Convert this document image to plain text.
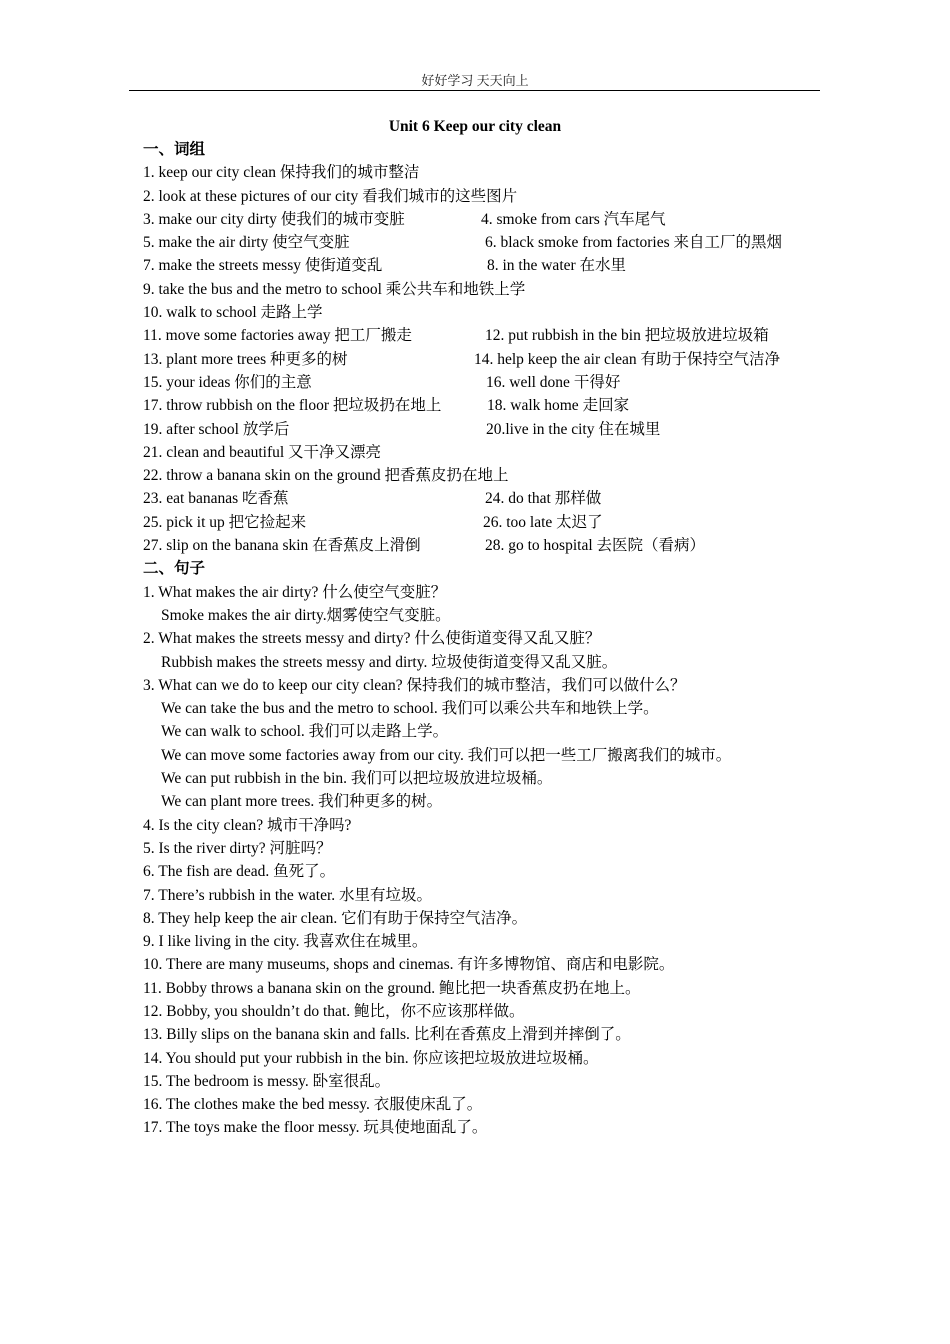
好好学习 天天向上
Unit 6 Keep our city clean
一、词组
1. keep our city clean 保持我们的城市整洁
2. look at these pictures of our city 看我们城市的这些图片
3. make our city dirty 使我们的城市变脏	4. smoke from cars 汽车尾气
5. make the air dirty 使空气变脏	6. black smoke from factories 来自工厂的黑烟
7. make the streets messy 使街道变乱	8. in the water 在水里
9. take the bus and the metro to school 乘公共车和地铁上学
10. walk to school 走路上学
11. move some factories away 把工厂搬走	12. put rubbish in the bin 把垃圾放进垃圾箱
13. plant more trees 种更多的树	14. help keep the air clean 有助于保持空气洁净
15. your ideas 你们的主意	16. well done 干得好
17. throw rubbish on the floor 把垃圾扔在地上	18. walk home 走回家
19. after school 放学后	20.live in the city 住在城里
21. clean and beautiful 又干净又漂亮
22. throw a banana skin on the ground 把香蕉皮扔在地上
23. eat bananas 吃香蕉	24. do that 那样做
25. pick it up 把它捡起来	26. too late 太迟了
27. slip on the banana skin 在香蕉皮上滑倒	28. go to hospital 去医院（看病）
二、句子
1. What makes the air dirty? 什么使空气变脏？
Smoke makes the air dirty.烟雾使空气变脏。
2. What makes the streets messy and dirty? 什么使街道变得又乱又脏？
Rubbish makes the streets messy and dirty. 垃圾使街道变得又乱又脏。
3. What can we do to keep our city clean? 保持我们的城市整洁，我们可以做什么？
We can take the bus and the metro to school. 我们可以乘公共车和地铁上学。
We can walk to school. 我们可以走路上学。
We can move some factories away from our city. 我们可以把一些工厂搬离我们的城市。
We can put rubbish in the bin. 我们可以把垃圾放进垃圾桶。
We can plant more trees. 我们种更多的树。
4. Is the city clean? 城市干净吗?
5. Is the river dirty? 河脏吗？
6. The fish are dead. 鱼死了。
7. There’s rubbish in the water. 水里有垃圾。
8. They help keep the air clean. 它们有助于保持空气洁净。
9. I like living in the city. 我喜欢住在城里。
10. There are many museums, shops and cinemas. 有许多博物馆、商店和电影院。
11. Bobby throws a banana skin on the ground. 鲍比把一块香蕉皮扔在地上。
12. Bobby, you shouldn’t do that. 鲍比，你不应该那样做。
13. Billy slips on the banana skin and falls. 比利在香蕉皮上滑到并摔倒了。
14. You should put your rubbish in the bin. 你应该把垃圾放进垃圾桶。
15. The bedroom is messy. 卧室很乱。
16. The clothes make the bed messy. 衣服使床乱了。
17. The toys make the floor messy. 玩具使地面乱了。
